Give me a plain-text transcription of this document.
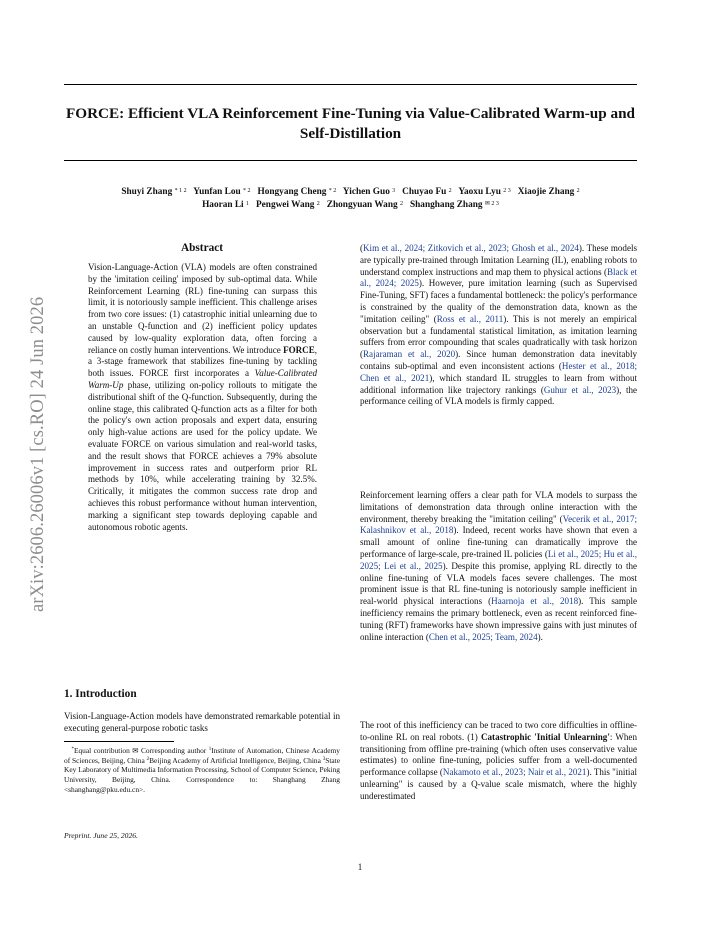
FORCE: Efficient VLA Reinforcement Fine-Tuning via Value-Calibrated Warm-up and Self-Distillation
Shuyi Zhang $^{* 1 2}$  Yunfan Lou $^{* 2}$  Hongyang Cheng $^{* 2}$  Yichen Guo $^3$  Chuyao Fu $^2$  Yaoxu Lyu $^{2 3}$  Xiaojie Zhang $^2$
Haoran Li $^1$  Pengwei Wang $^2$  Zhongyuan Wang $^2$  Shanghang Zhang $^{✉ 2 3}$
arXiv:2606.26006v1 [cs.RO] 24 Jun 2026
Abstract

Vision-Language-Action (VLA) models are often constrained by the 'imitation ceiling' imposed by sub-optimal data. While Reinforcement Learning (RL) fine-tuning can surpass this limit, it is notoriously sample inefficient. This challenge arises from two core issues: (1) catastrophic initial unlearning due to an unstable Q-function and (2) inefficient policy updates caused by low-quality exploration data, often forcing a reliance on costly human interventions. We introduce FORCE, a 3-stage framework that stabilizes fine-tuning by tackling both issues. FORCE first incorporates a Value-Calibrated Warm-Up phase, utilizing on-policy rollouts to mitigate the distributional shift of the Q-function. Subsequently, during the online stage, this calibrated Q-function acts as a filter for both the policy's own action proposals and expert data, ensuring only high-value actions are used for the policy update. We evaluate FORCE on various simulation and real-world tasks, and the result shows that FORCE achieves a 79% absolute improvement in success rates and outperform prior RL methods by 10%, while accelerating training by 32.5%. Critically, it mitigates the common success rate drop and achieves this robust performance without human intervention, marking a significant step towards deploying capable and autonomous robotic agents.

1. Introduction

Vision-Language-Action models have demonstrated remarkable potential in executing general-purpose robotic tasks

*Equal contribution ✉ Corresponding author $^1$Institute of Automation, Chinese Academy of Sciences, Beijing, China $^2$Beijing Academy of Artificial Intelligence, Beijing, China $^3$State Key Laboratory of Multimedia Information Processing, School of Computer Science, Peking University, Beijing, China. Correspondence to: Shanghang Zhang <shanghang@pku.edu.cn>.

Preprint. June 25, 2026.

(Kim et al., 2024; Zitkovich et al., 2023; Ghosh et al., 2024). These models are typically pre-trained through Imitation Learning (IL), enabling robots to understand complex instructions and map them to physical actions (Black et al., 2024; 2025). However, pure imitation learning (such as Supervised Fine-Tuning, SFT) faces a fundamental bottleneck: the policy's performance is constrained by the quality of the demonstration data, known as the "imitation ceiling" (Ross et al., 2011). This is not merely an empirical observation but a fundamental statistical limitation, as imitation learning suffers from error compounding that scales quadratically with task horizon (Rajaraman et al., 2020). Since human demonstration data inevitably contains sub-optimal and even inconsistent actions (Hester et al., 2018; Chen et al., 2021), which standard IL struggles to learn from without additional information like trajectory rankings (Guhur et al., 2023), the performance ceiling of VLA models is firmly capped.

Reinforcement learning offers a clear path for VLA models to surpass the limitations of demonstration data through online interaction with the environment, thereby breaking the "imitation ceiling" (Vecerik et al., 2017; Kalashnikov et al., 2018). Indeed, recent works have shown that even a small amount of online fine-tuning can dramatically improve the performance of large-scale, pre-trained IL policies (Li et al., 2025; Hu et al., 2025; Lei et al., 2025). Despite this promise, applying RL directly to the online fine-tuning of VLA models faces severe challenges. The most prominent issue is that RL fine-tuning is notoriously sample inefficient in real-world physical interactions (Haarnoja et al., 2018). This sample inefficiency remains the primary bottleneck, even as recent reinforced fine-tuning (RFT) frameworks have shown impressive gains with just minutes of online interaction (Chen et al., 2025; Team, 2024).

The root of this inefficiency can be traced to two core difficulties in offline-to-online RL on real robots. (1) Catastrophic 'Initial Unlearning': When transitioning from offline pre-training (which often uses conservative value estimates) to online fine-tuning, policies suffer from a well-documented performance collapse (Nakamoto et al., 2023; Nair et al., 2021). This "initial unlearning" is caused by a Q-value scale mismatch, where the highly underestimated

1
